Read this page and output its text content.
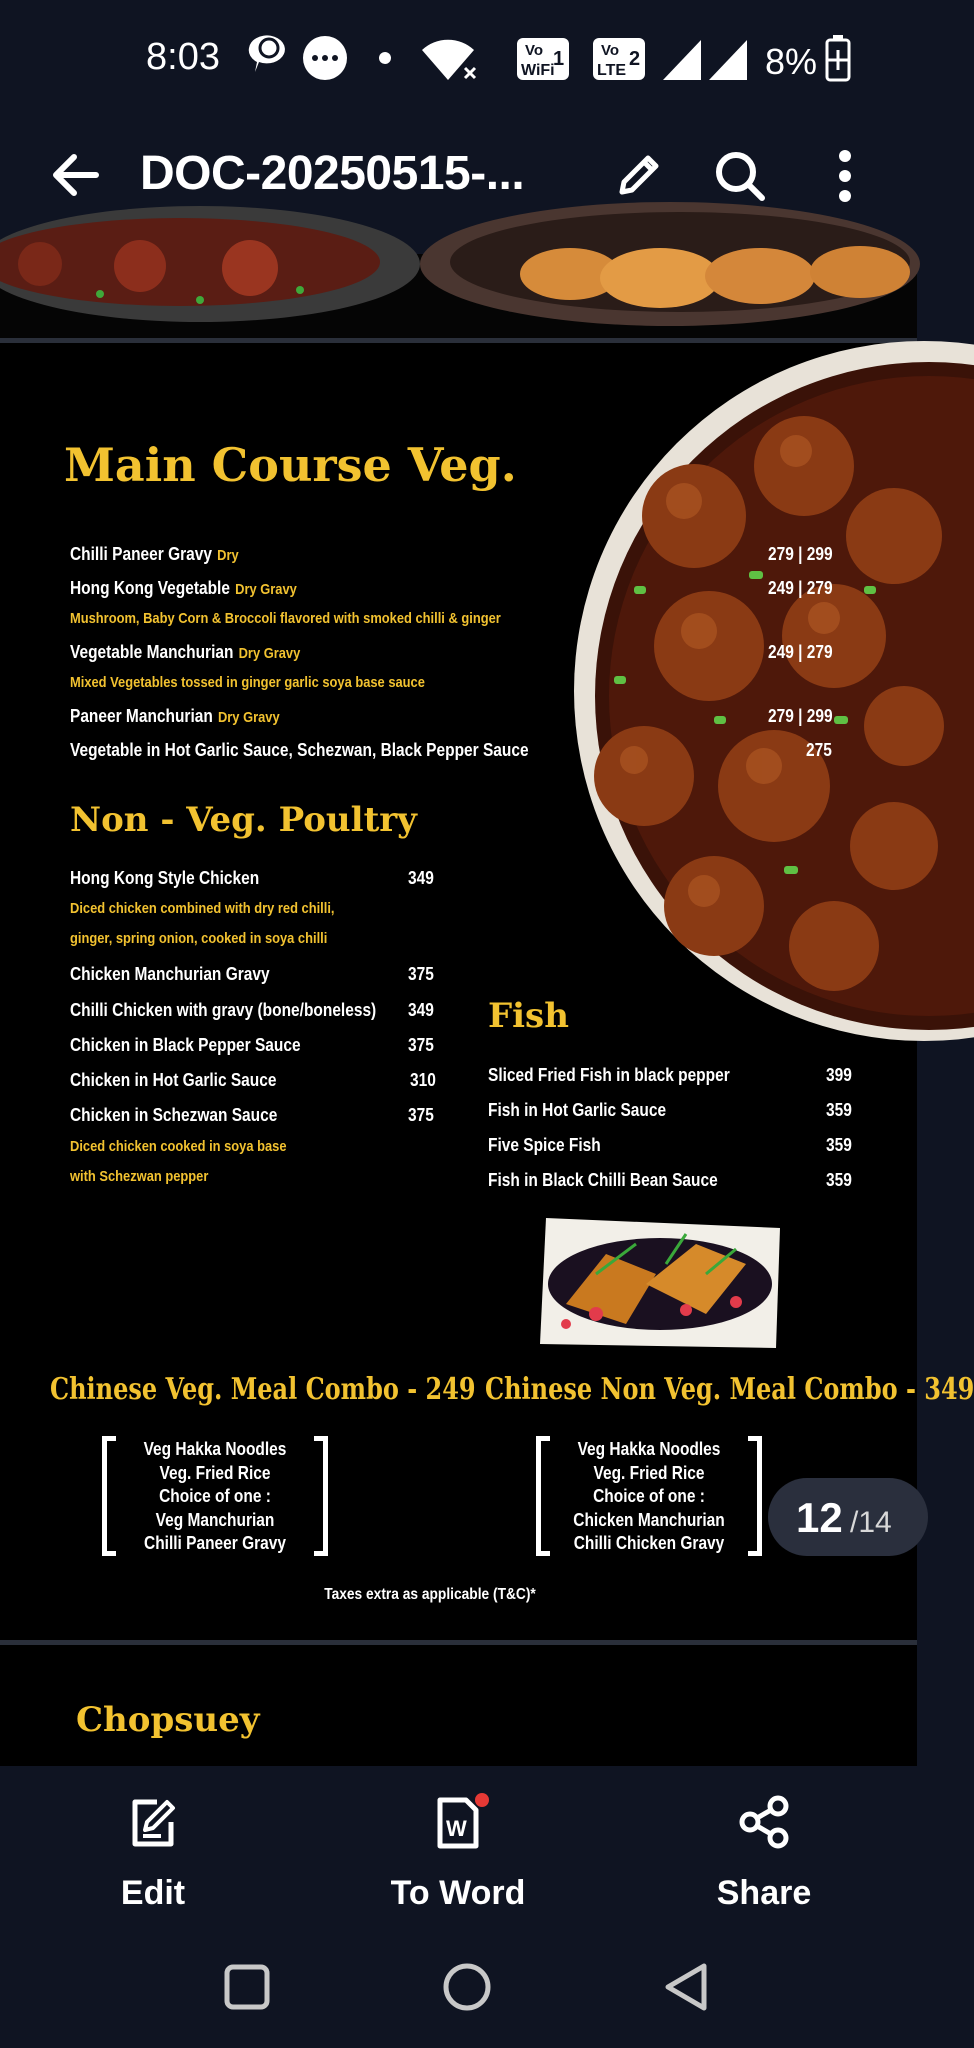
8:03	Vo
WiFi
1 Vo
LTE
2	8%
DOC-20250515-...
Main Course Veg.
Chilli Paneer Gravy Dry	279 | 299
Hong Kong Vegetable Dry Gravy	249 | 279
Mushroom, Baby Corn & Broccoli flavored with smoked chilli & ginger
Vegetable Manchurian Dry Gravy	249 | 279
Mixed Vegetables tossed in ginger garlic soya base sauce
Paneer Manchurian Dry Gravy	279 | 299
Vegetable in Hot Garlic Sauce, Schezwan, Black Pepper Sauce	275
Non - Veg. Poultry
Hong Kong Style Chicken	349
Diced chicken combined with dry red chilli,
ginger, spring onion, cooked in soya chilli
Chicken Manchurian Gravy	375
Chilli Chicken with gravy (bone/boneless) 349
Chicken in Black Pepper Sauce	375
Chicken in Hot Garlic Sauce	310
Chicken in Schezwan Sauce	375
Diced chicken cooked in soya base
with Schezwan pepper
Fish
Sliced Fried Fish in black pepper	399
Fish in Hot Garlic Sauce	359
Five Spice Fish	359
Fish in Black Chilli Bean Sauce	359
Chinese Veg. Meal Combo - 249 Chinese Non Veg. Meal Combo - 349
Veg Hakka Noodles
Veg. Fried Rice
Choice of one :
Veg Manchurian
Chilli Paneer Gravy
Veg Hakka Noodles
Veg. Fried Rice
Choice of one :
Chicken Manchurian
Chilli Chicken Gravy
Taxes extra as applicable (T&C)*
Chopsuey
12 /14
Edit
W
To Word	Share
